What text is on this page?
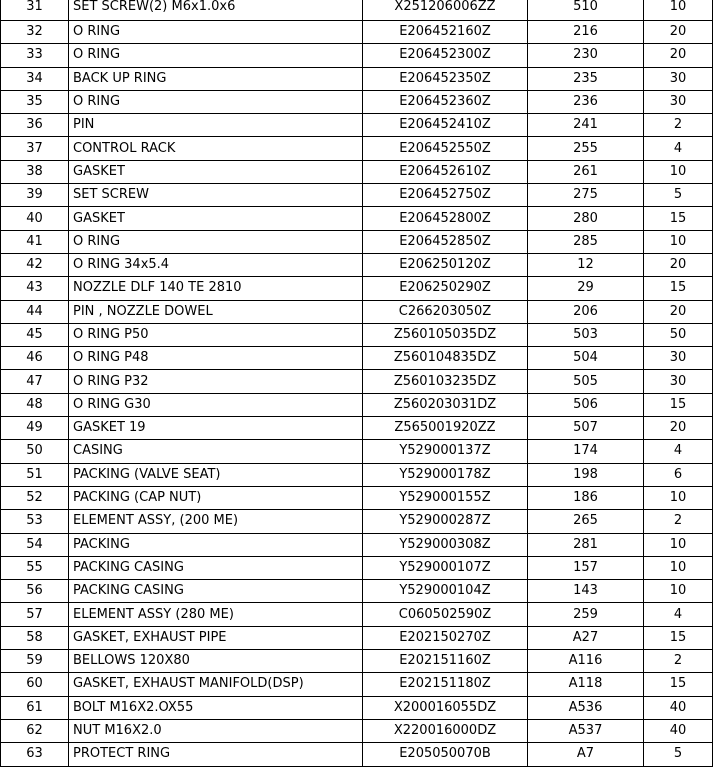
31	SET SCREW(2) M6x1.0x6	X251206006ZZ	510	10
32	O RING	E206452160Z	216	20
33	O RING	E206452300Z	230	20
34	BACK UP RING	E206452350Z	235	30
35	O RING	E206452360Z	236	30
36	PIN	E206452410Z	241	2
37	CONTROL RACK	E206452550Z	255	4
38	GASKET	E206452610Z	261	10
39	SET SCREW	E206452750Z	275	5
40	GASKET	E206452800Z	280	15
41	O RING	E206452850Z	285	10
42	O RING 34x5.4	E206250120Z	12	20
43	NOZZLE DLF 140 TE 2810	E206250290Z	29	15
44	PIN , NOZZLE DOWEL	C266203050Z	206	20
45	O RING P50	Z560105035DZ	503	50
46	O RING P48	Z560104835DZ	504	30
47	O RING P32	Z560103235DZ	505	30
48	O RING G30	Z560203031DZ	506	15
49	GASKET 19	Z565001920ZZ	507	20
50	CASING	Y529000137Z	174	4
51	PACKING (VALVE SEAT)	Y529000178Z	198	6
52	PACKING (CAP NUT)	Y529000155Z	186	10
53	ELEMENT ASSY, (200 ME)	Y529000287Z	265	2
54	PACKING	Y529000308Z	281	10
55	PACKING CASING	Y529000107Z	157	10
56	PACKING CASING	Y529000104Z	143	10
57	ELEMENT ASSY (280 ME)	C060502590Z	259	4
58	GASKET, EXHAUST PIPE	E202150270Z	A27	15
59	BELLOWS 120X80	E202151160Z	A116	2
60	GASKET, EXHAUST MANIFOLD(DSP)	E202151180Z	A118	15
61	BOLT M16X2.OX55	X200016055DZ	A536	40
62	NUT M16X2.0	X220016000DZ	A537	40
63	PROTECT RING	E205050070B	A7	5
